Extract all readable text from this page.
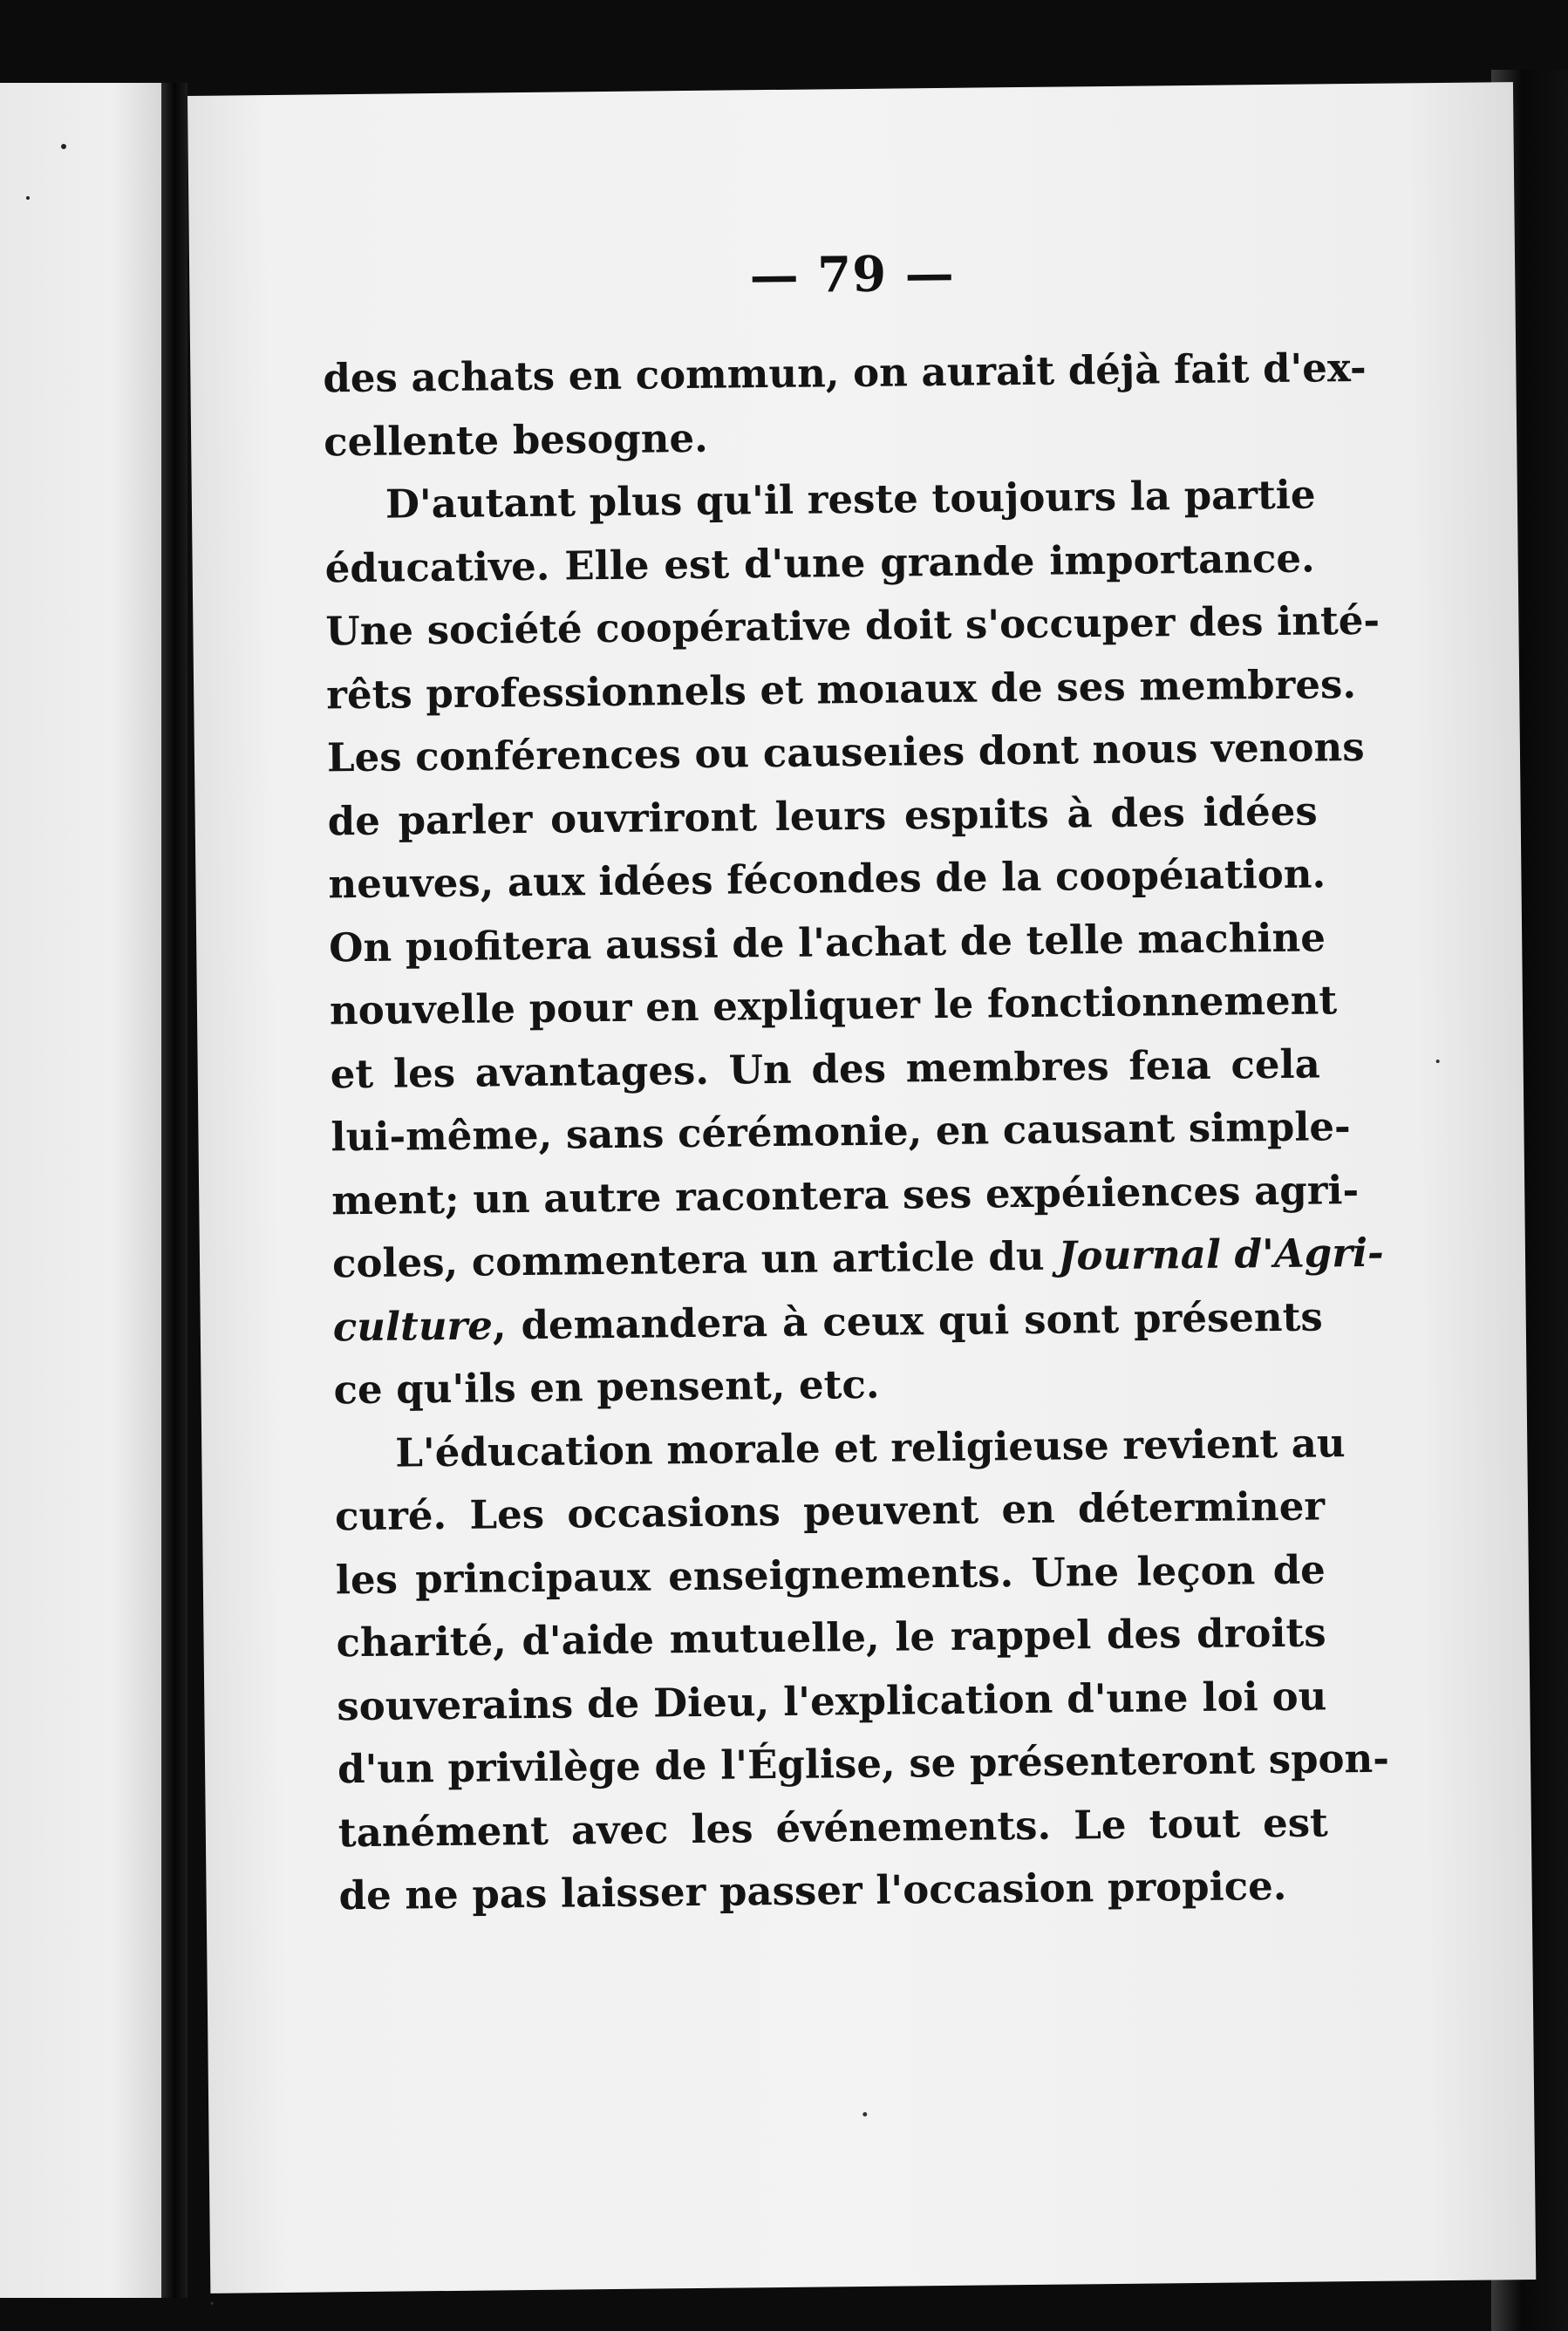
— 79 —
des achats en commun, on aurait déjà fait d'ex-
cellente besogne.
D'autant plus qu'il reste toujours la partie
éducative. Elle est d'une grande importance.
Une société coopérative doit s'occuper des inté-
rêts professionnels et moıaux de ses membres.
Les conférences ou causeıies dont nous venons
de parler ouvriront leurs espıits à des idées
neuves, aux idées fécondes de la coopéıation.
On pıofitera aussi de l'achat de telle machine
nouvelle pour en expliquer le fonctionnement
et les avantages. Un des membres feıa cela
lui-même, sans cérémonie, en causant simple-
ment; un autre racontera ses expéıiences agri-
coles, commentera un article du Journal d'Agri-
culture, demandera à ceux qui sont présents
ce qu'ils en pensent, etc.
L'éducation morale et religieuse revient au
curé. Les occasions peuvent en déterminer
les principaux enseignements. Une leçon de
charité, d'aide mutuelle, le rappel des droits
souverains de Dieu, l'explication d'une loi ou
d'un privilège de l'Église, se présenteront spon-
tanément avec les événements. Le tout est
de ne pas laisser passer l'occasion propice.
